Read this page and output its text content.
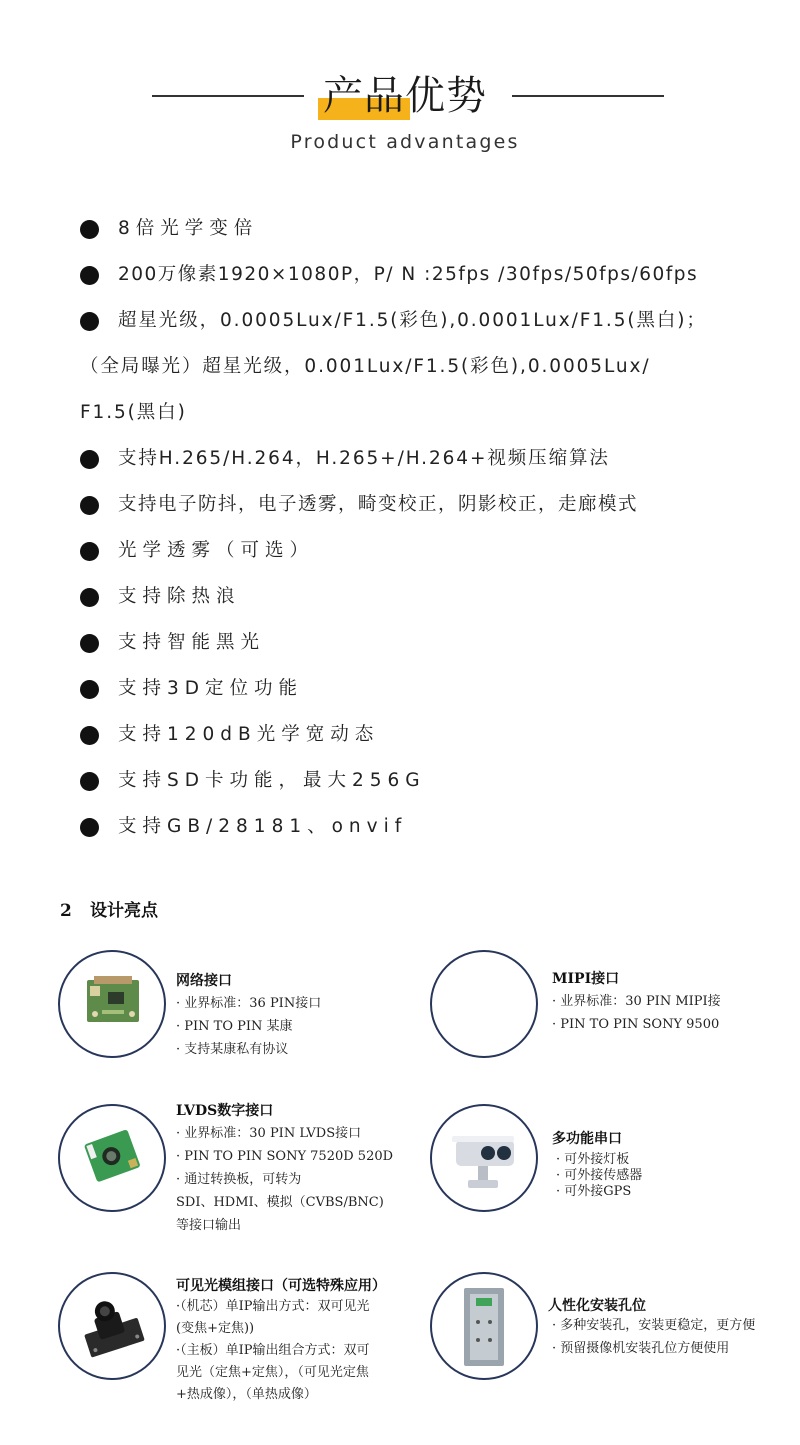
产品优势
Product advantages
8倍光学变倍
200万像素1920×1080P，P/ N :25fps /30fps/50fps/60fps
超星光级，0.0005Lux/F1.5(彩色),0.0001Lux/F1.5(黑白)；
（全局曝光）超星光级，0.001Lux/F1.5(彩色),0.0005Lux/
F1.5(黑白)
支持H.265/H.264，H.265+/H.264+视频压缩算法
支持电子防抖，电子透雾，畸变校正，阴影校正，走廊模式
光学透雾（可选）
支持除热浪
支持智能黑光
支持3D定位功能
支持120dB光学宽动态
支持SD卡功能，最大256G
支持GB/28181、onvif
2 设计亮点
网络接口
· 业界标准：36 PIN接口
· PIN TO PIN 某康
· 支持某康私有协议
MIPI接口
· 业界标准：30 PIN MIPI接
· PIN TO PIN SONY 9500
LVDS数字接口
· 业界标准：30 PIN LVDS接口
· PIN TO PIN SONY 7520D 520D
· 通过转换板，可转为
SDI、HDMI、模拟（CVBS/BNC)
等接口输出
多功能串口
· 可外接灯板
· 可外接传感器
· 可外接GPS
可见光模组接口（可选特殊应用）
·（机芯）单IP输出方式：双可见光
(变焦+定焦))
·（主板）单IP输出组合方式：双可
见光（定焦+定焦），（可见光定焦
+热成像），（单热成像）
人性化安装孔位
· 多种安装孔，安装更稳定，更方便
· 预留摄像机安装孔位方便使用
